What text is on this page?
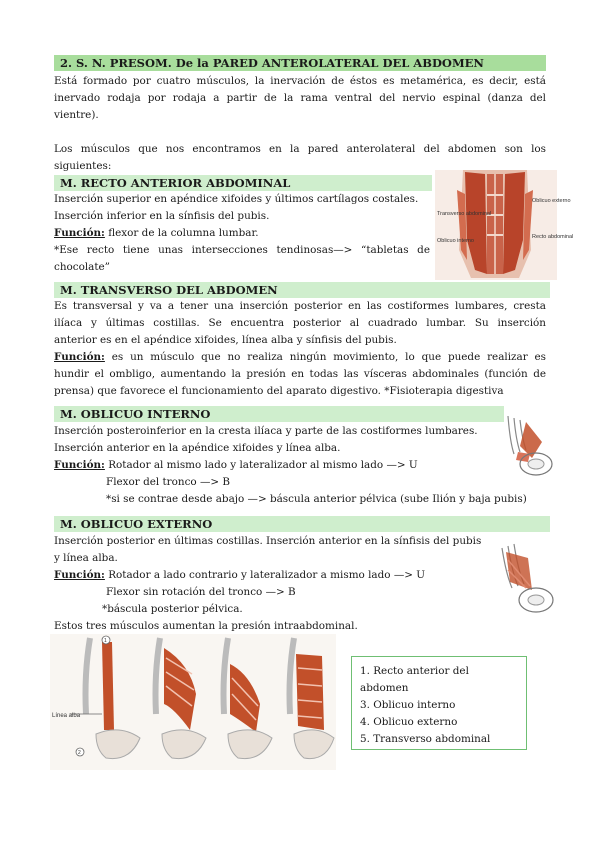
2. S. N. PRESOM. De la PARED ANTEROLATERAL DEL ABDOMEN
Está formado por cuatro músculos, la inervación de éstos es metamérica, es decir, está
inervado rodaja por rodaja a partir de la rama ventral del nervio espinal (danza del
vientre).
Los músculos que nos encontramos en la pared anterolateral del abdomen son los
siguientes:
M. RECTO ANTERIOR ABDOMINAL
Inserción superior en apéndice xifoides y últimos cartílagos costales.
Inserción inferior en la sínfisis del pubis.
Función: flexor de la columna lumbar.
*Ese recto tiene unas intersecciones tendinosas—> “tabletas de
chocolate”
Transverso abdominal
Oblicuo interno
Oblicuo externo
Recto abdominal
M. TRANSVERSO DEL ABDOMEN
Es transversal y va a tener una inserción posterior en las costiformes lumbares, cresta
ilíaca y últimas costillas. Se encuentra posterior al cuadrado lumbar. Su inserción
anterior es en el apéndice xifoides, línea alba y sínfisis del pubis.
Función: es un músculo que no realiza ningún movimiento, lo que puede realizar es
hundir el ombligo, aumentando la presión en todas las vísceras abdominales (función de
prensa) que favorece el funcionamiento del aparato digestivo. *Fisioterapia digestiva
M. OBLICUO INTERNO
Inserción posteroinferior en la cresta ilíaca y parte de las costiformes lumbares.
Inserción anterior en la apéndice xifoides y línea alba.
Función: Rotador al mismo lado y lateralizador al mismo lado —> U
Flexor del tronco —> B
*si se contrae desde abajo —> báscula anterior pélvica (sube Ilión y baja pubis)
M. OBLICUO EXTERNO
Inserción posterior en últimas costillas. Inserción anterior en la sínfisis del pubis
y línea alba.
Función: Rotador a lado contrario y lateralizador a mismo lado —> U
Flexor sin rotación del tronco —> B
*báscula posterior pélvica.
Estos tres músculos aumentan la presión intraabdominal.
Línea alba
2
1
1. Recto anterior del
abdomen
3. Oblicuo interno
4. Oblicuo externo
5. Transverso abdominal
